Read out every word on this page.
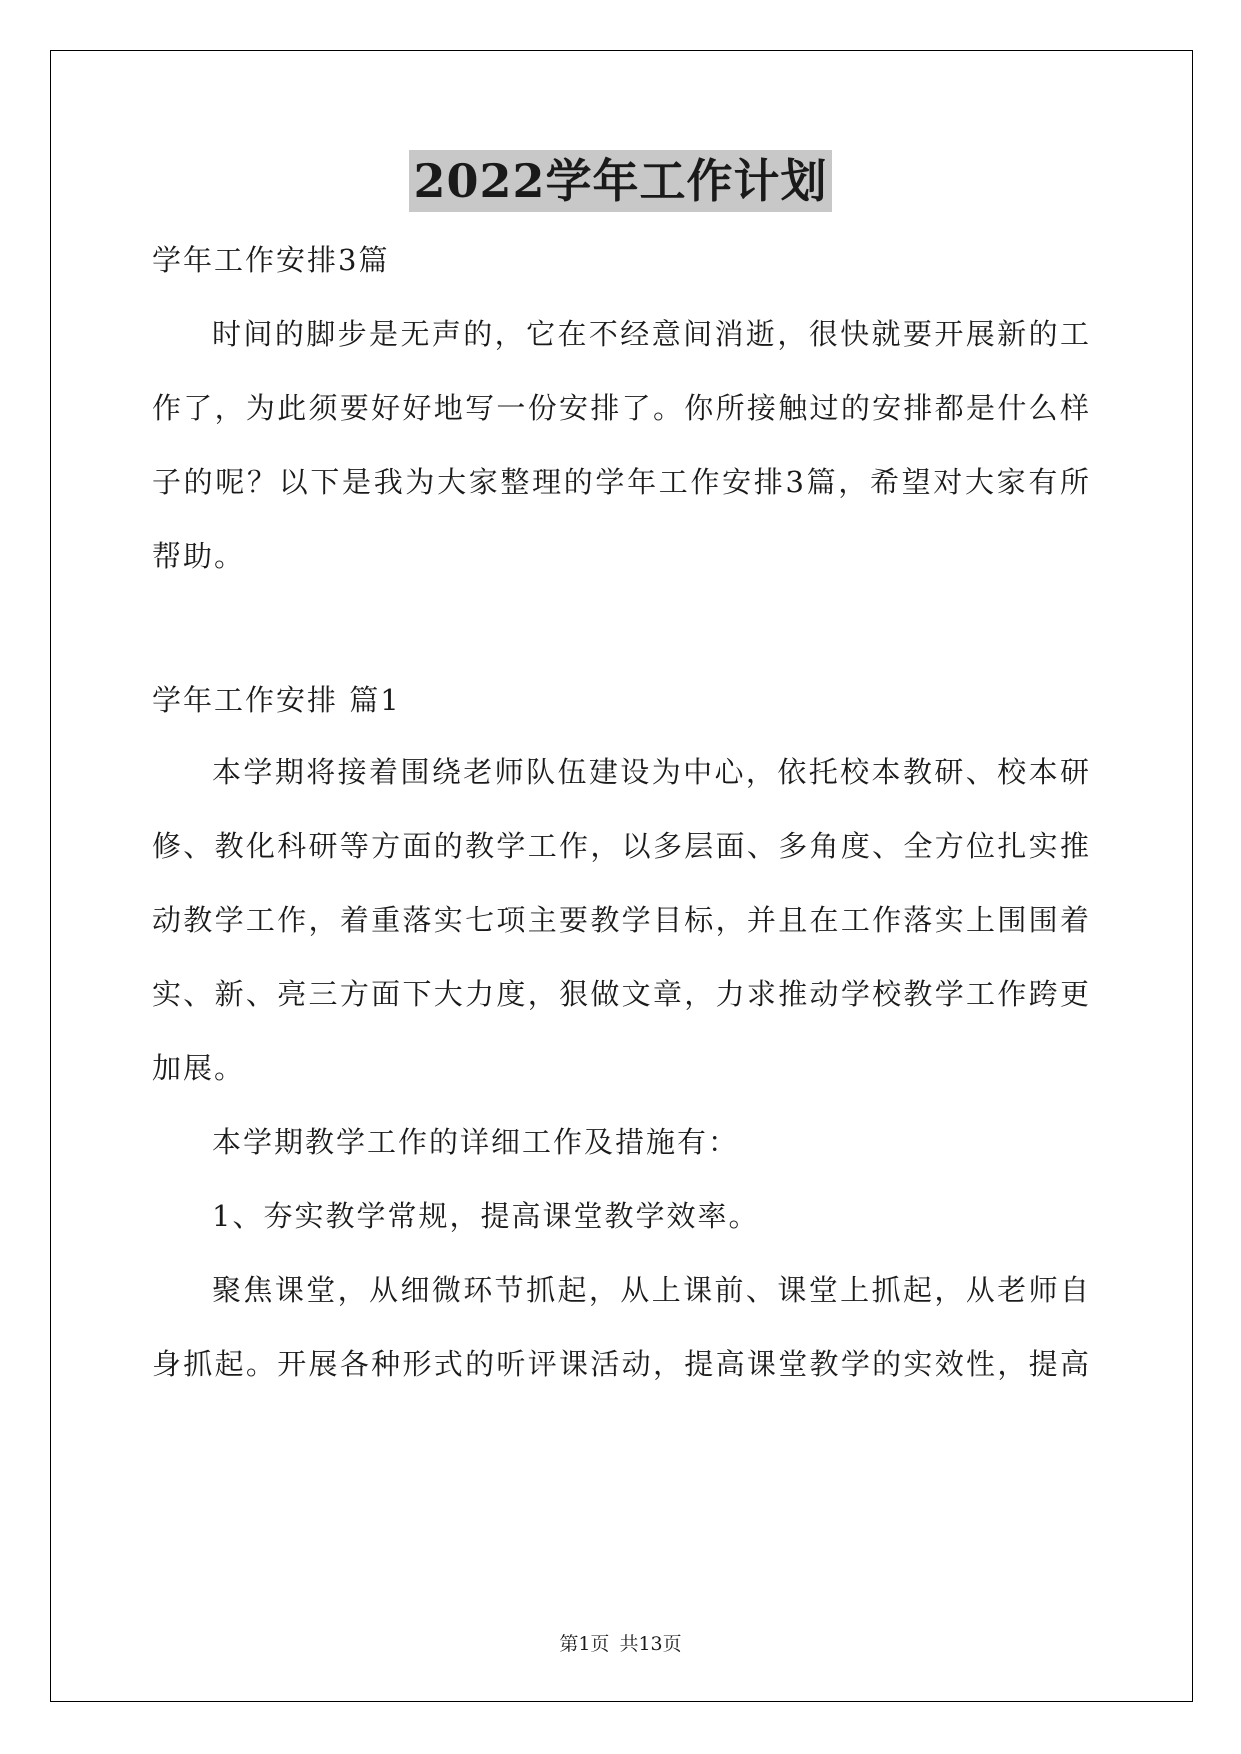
2022学年工作计划
学年工作安排3篇
时间的脚步是无声的，它在不经意间消逝，很快就要开展新的工
作了，为此须要好好地写一份安排了。你所接触过的安排都是什么样
子的呢？以下是我为大家整理的学年工作安排3篇，希望对大家有所
帮助。
学年工作安排 篇1
本学期将接着围绕老师队伍建设为中心，依托校本教研、校本研
修、教化科研等方面的教学工作，以多层面、多角度、全方位扎实推
动教学工作，着重落实七项主要教学目标，并且在工作落实上围围着
实、新、亮三方面下大力度，狠做文章，力求推动学校教学工作跨更
加展。
本学期教学工作的详细工作及措施有：
1、夯实教学常规，提高课堂教学效率。
聚焦课堂，从细微环节抓起，从上课前、课堂上抓起，从老师自
身抓起。开展各种形式的听评课活动，提高课堂教学的实效性，提高
第1页 共13页
